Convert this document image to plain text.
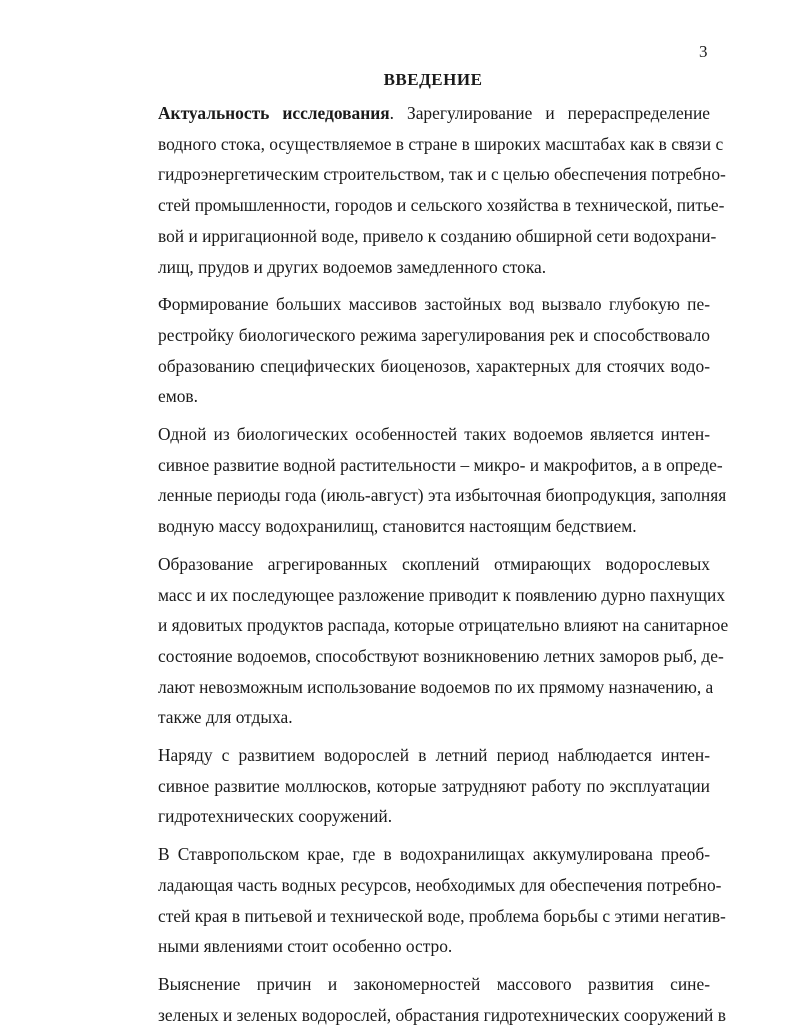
3
ВВЕДЕНИЕ

Актуальность исследования. Зарегулирование и перераспределение
водного стока, осуществляемое в стране в широких масштабах как в связи с
гидроэнергетическим строительством, так и с целью обеспечения потребно-
стей промышленности, городов и сельского хозяйства в технической, питье-
вой и ирригационной воде, привело к созданию обширной сети водохрани-
лищ, прудов и других водоемов замедленного стока.

Формирование больших массивов застойных вод вызвало глубокую пе-
рестройку биологического режима зарегулирования рек и способствовало
образованию специфических биоценозов, характерных для стоячих водо-
емов.

Одной из биологических особенностей таких водоемов является интен-
сивное развитие водной растительности – микро- и макрофитов, а в опреде-
ленные периоды года (июль-август) эта избыточная биопродукция, заполняя
водную массу водохранилищ, становится настоящим бедствием.

Образование агрегированных скоплений отмирающих водорослевых
масс и их последующее разложение приводит к появлению дурно пахнущих
и ядовитых продуктов распада, которые отрицательно влияют на санитарное
состояние водоемов, способствуют возникновению летних заморов рыб, де-
лают невозможным использование водоемов по их прямому назначению, а
также для отдыха.

Наряду с развитием водорослей в летний период наблюдается интен-
сивное развитие моллюсков, которые затрудняют работу по эксплуатации
гидротехнических сооружений.

В Ставропольском крае, где в водохранилищах аккумулирована преоб-
ладающая часть водных ресурсов, необходимых для обеспечения потребно-
стей края в питьевой и технической воде, проблема борьбы с этими негатив-
ными явлениями стоит особенно остро.

Выяснение причин и закономерностей массового развития сине-
зеленых и зеленых водорослей, обрастания гидротехнических сооружений в
